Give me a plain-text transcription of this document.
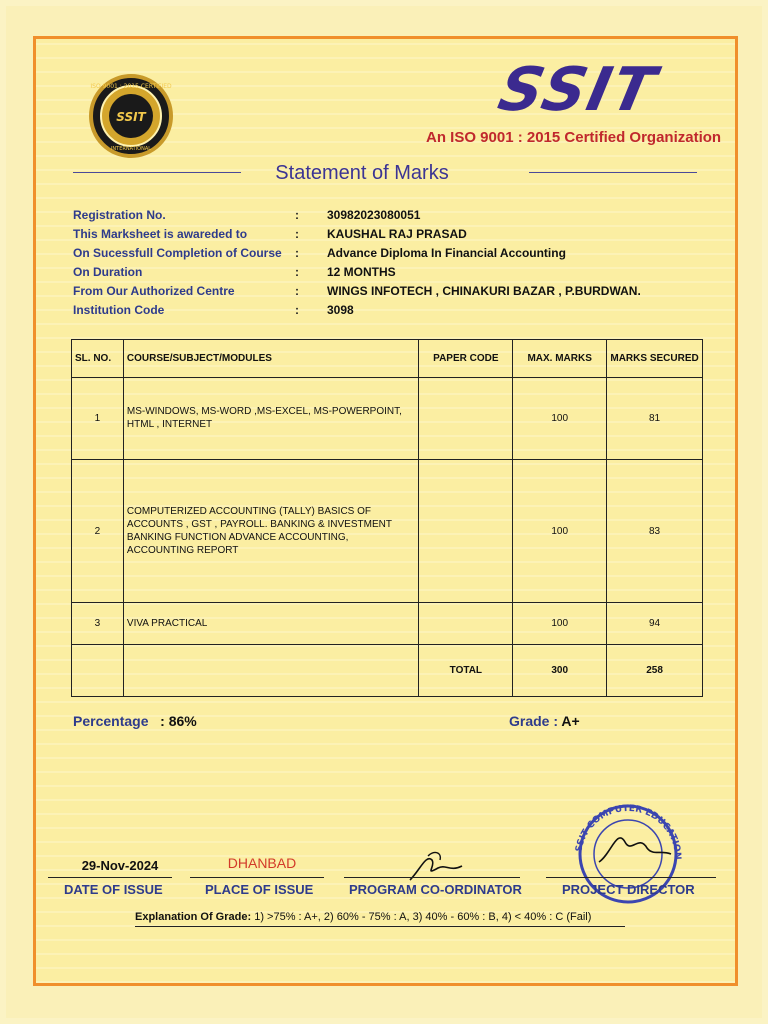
SSIT
ISO 9001 : 2015 CERTIFIED
INTERNATIONAL
SSIT
An ISO 9001 : 2015 Certified Organization
Statement of Marks
Registration No.	: 30982023080051
This Marksheet is awareded to	: KAUSHAL RAJ PRASAD
On Sucessfull Completion of Course : Advance Diploma In Financial Accounting
On Duration	: 12 MONTHS
From Our Authorized Centre	: WINGS INFOTECH , CHINAKURI BAZAR , P.BURDWAN.
Institution Code	: 3098
SL. NO.	COURSE/SUBJECT/MODULES	PAPER CODE	MAX. MARKS	MARKS SECURED
1	MS-WINDOWS, MS-WORD ,MS-EXCEL, MS-POWERPOINT, HTML , INTERNET		100	81
2	COMPUTERIZED ACCOUNTING (TALLY) BASICS OF ACCOUNTS , GST , PAYROLL. BANKING & INVESTMENT BANKING FUNCTION ADVANCE ACCOUNTING, ACCOUNTING REPORT		100	83
3	VIVA PRACTICAL		100	94
		TOTAL	300	258
Percentage : 86%	Grade : A+
SSIT COMPUTER EDUCATION
29-Nov-2024	DHANBAD
DATE OF ISSUE	PLACE OF ISSUE	PROGRAM CO-ORDINATOR	PROJECT DIRECTOR
Explanation Of Grade: 1) >75% : A+, 2) 60% - 75% : A, 3) 40% - 60% : B, 4) < 40% : C (Fail)
